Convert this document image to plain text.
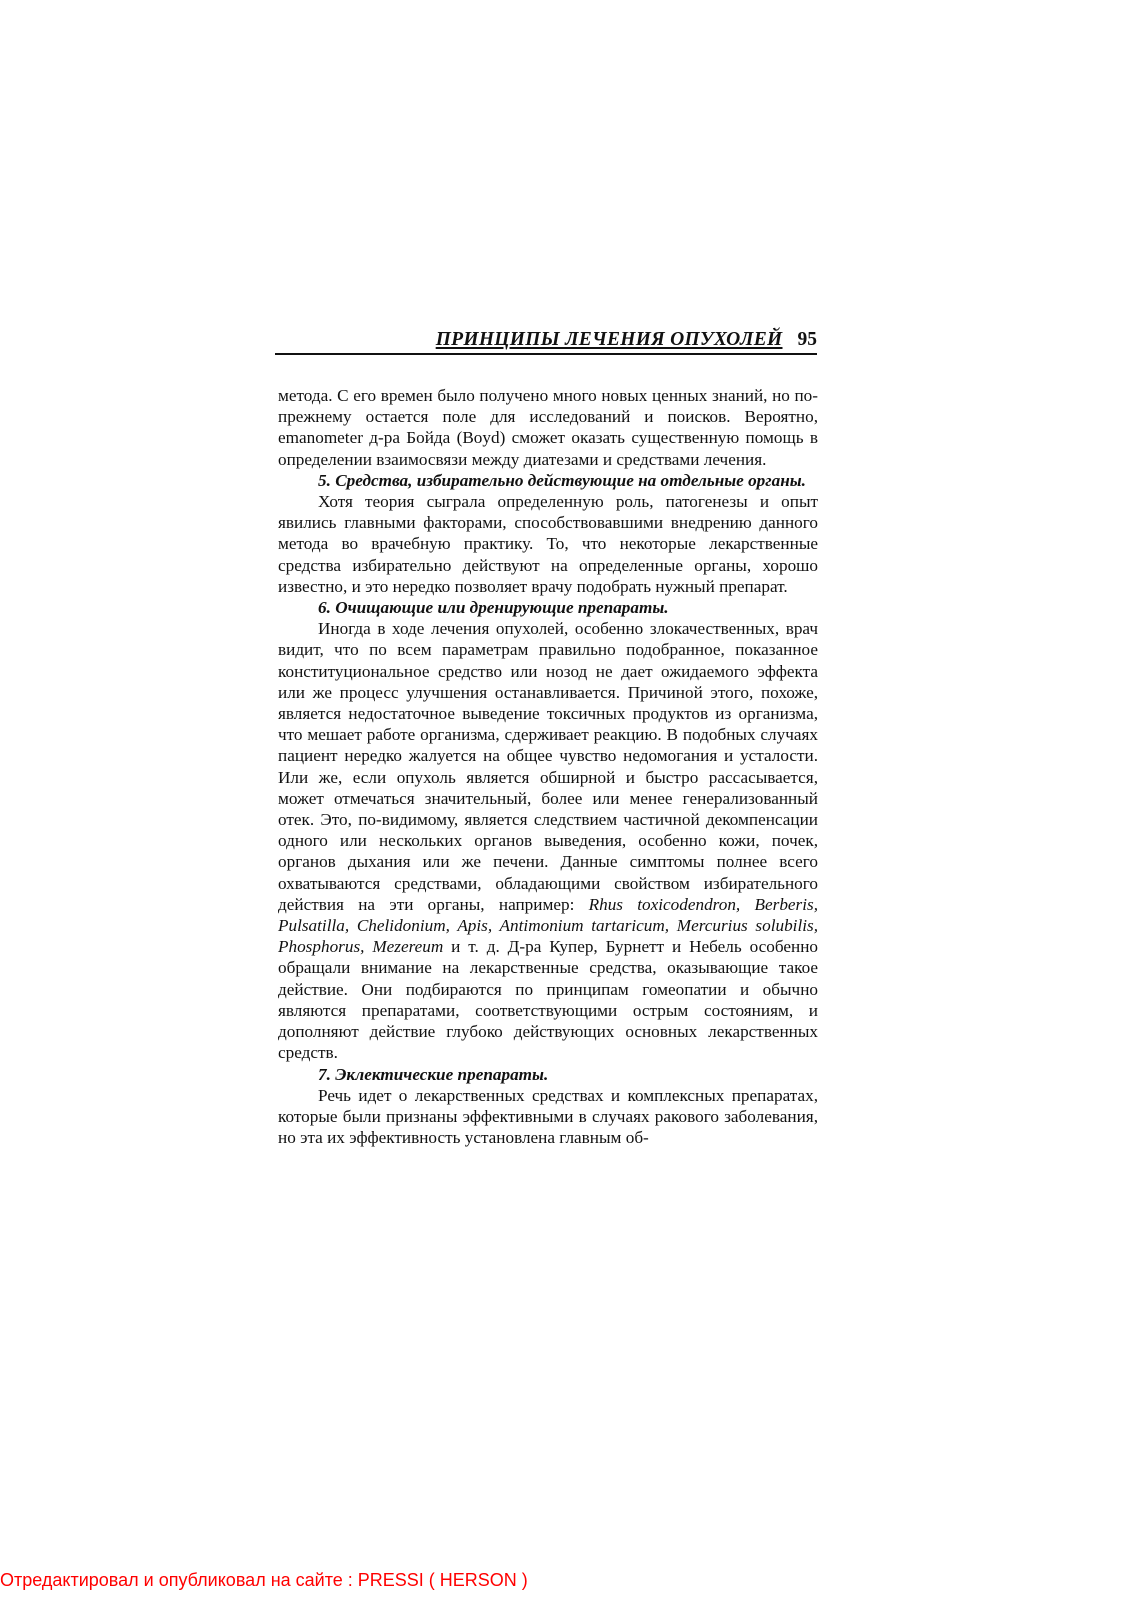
ПРИНЦИПЫ ЛЕЧЕНИЯ ОПУХОЛЕЙ 95

метода. С его времен было получено много новых ценных знаний, но по-прежнему остается поле для исследований и поисков. Вероятно, emanometer д-ра Бойда (Boyd) сможет оказать существенную помощь в определении взаимосвязи между диатезами и средствами лечения.

5. Средства, избирательно действующие на отдельные органы.

Хотя теория сыграла определенную роль, патогенезы и опыт явились главными факторами, способствовавшими внедрению данного метода во врачебную практику. То, что некоторые лекарственные средства избирательно действуют на определенные органы, хорошо известно, и это нередко позволяет врачу подобрать нужный препарат.

6. Очищающие или дренирующие препараты.

Иногда в ходе лечения опухолей, особенно злокачественных, врач видит, что по всем параметрам правильно подобранное, показанное конституциональное средство или нозод не дает ожидаемого эффекта или же процесс улучшения останавливается. Причиной этого, похоже, является недостаточное выведение токсичных продуктов из организма, что мешает работе организма, сдерживает реакцию. В подобных случаях пациент нередко жалуется на общее чувство недомогания и усталости. Или же, если опухоль является обширной и быстро рассасывается, может отмечаться значительный, более или менее генерализованный отек. Это, по-видимому, является следствием частичной декомпенсации одного или нескольких органов выведения, особенно кожи, почек, органов дыхания или же печени. Данные симптомы полнее всего охватываются средствами, обладающими свойством избирательного действия на эти органы, например: Rhus toxicodendron, Berberis, Pulsatilla, Chelidonium, Apis, Antimonium tartaricum, Mercurius solubilis, Phosphorus, Mezereum и т. д. Д-ра Купер, Бурнетт и Небель особенно обращали внимание на лекарственные средства, оказывающие такое действие. Они подбираются по принципам гомеопатии и обычно являются препаратами, соответствующими острым состояниям, и дополняют действие глубоко действующих основных лекарственных средств.

7. Эклектические препараты.

Речь идет о лекарственных средствах и комплексных препаратах, которые были признаны эффективными в случаях ракового заболевания, но эта их эффективность установлена главным об-

Отредактировал и опубликовал на сайте : PRESSI ( HERSON )
